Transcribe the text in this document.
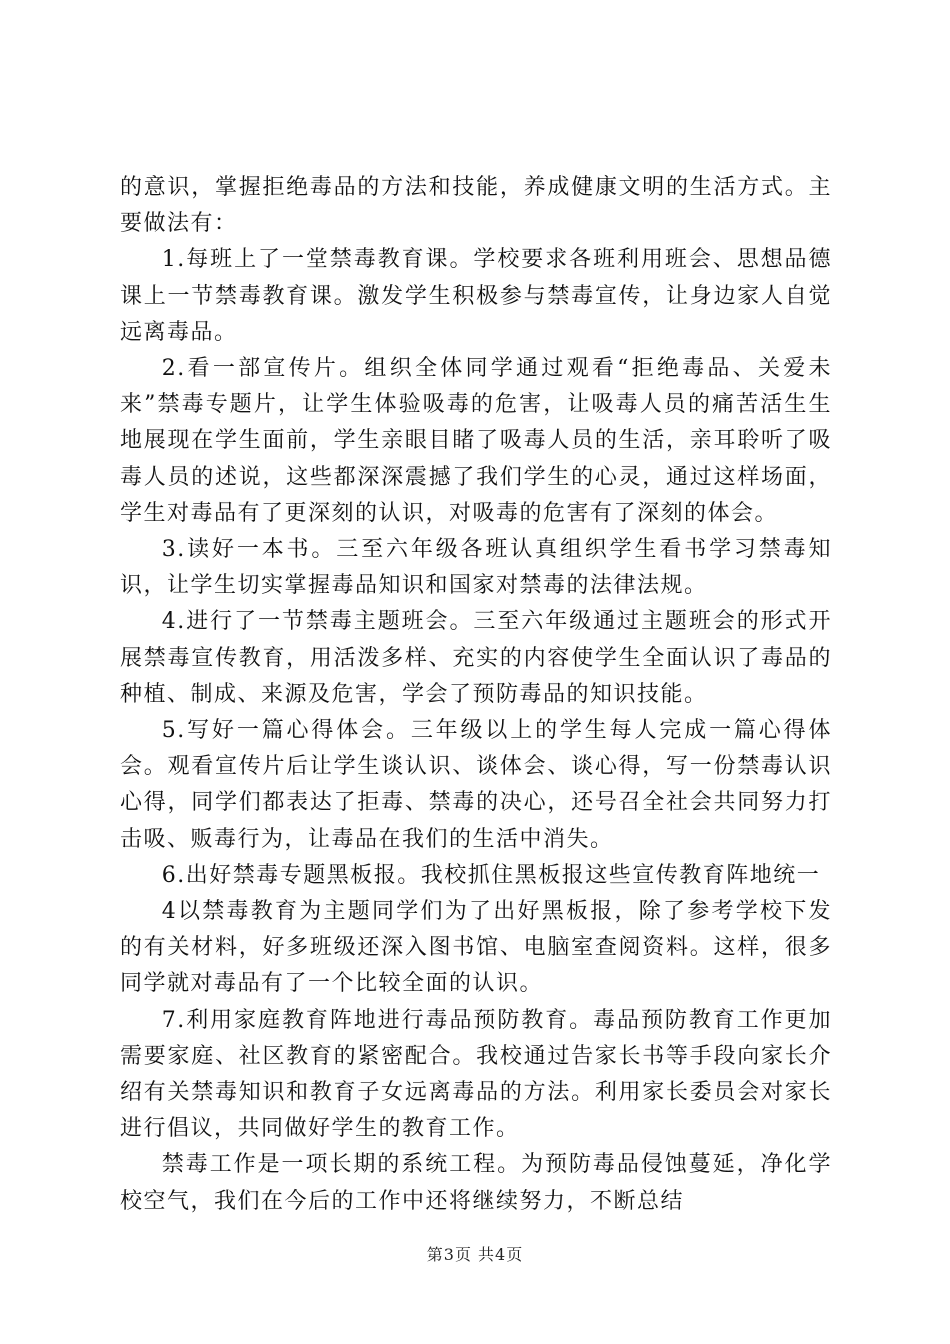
的意识，掌握拒绝毒品的方法和技能，养成健康文明的生活方式。主要做法有：

1.每班上了一堂禁毒教育课。学校要求各班利用班会、思想品德课上一节禁毒教育课。激发学生积极参与禁毒宣传，让身边家人自觉远离毒品。

2.看一部宣传片。组织全体同学通过观看“拒绝毒品、关爱未来”禁毒专题片，让学生体验吸毒的危害，让吸毒人员的痛苦活生生地展现在学生面前，学生亲眼目睹了吸毒人员的生活，亲耳聆听了吸毒人员的述说，这些都深深震撼了我们学生的心灵，通过这样场面，学生对毒品有了更深刻的认识，对吸毒的危害有了深刻的体会。

3.读好一本书。三至六年级各班认真组织学生看书学习禁毒知识，让学生切实掌握毒品知识和国家对禁毒的法律法规。

4.进行了一节禁毒主题班会。三至六年级通过主题班会的形式开展禁毒宣传教育，用活泼多样、充实的内容使学生全面认识了毒品的种植、制成、来源及危害，学会了预防毒品的知识技能。

5.写好一篇心得体会。三年级以上的学生每人完成一篇心得体会。观看宣传片后让学生谈认识、谈体会、谈心得，写一份禁毒认识心得，同学们都表达了拒毒、禁毒的决心，还号召全社会共同努力打击吸、贩毒行为，让毒品在我们的生活中消失。

6.出好禁毒专题黑板报。我校抓住黑板报这些宣传教育阵地统一

4以禁毒教育为主题同学们为了出好黑板报，除了参考学校下发的有关材料，好多班级还深入图书馆、电脑室查阅资料。这样，很多同学就对毒品有了一个比较全面的认识。

7.利用家庭教育阵地进行毒品预防教育。毒品预防教育工作更加需要家庭、社区教育的紧密配合。我校通过告家长书等手段向家长介绍有关禁毒知识和教育子女远离毒品的方法。利用家长委员会对家长进行倡议，共同做好学生的教育工作。

禁毒工作是一项长期的系统工程。为预防毒品侵蚀蔓延，净化学校空气，我们在今后的工作中还将继续努力，不断总结

第3页 共4页
